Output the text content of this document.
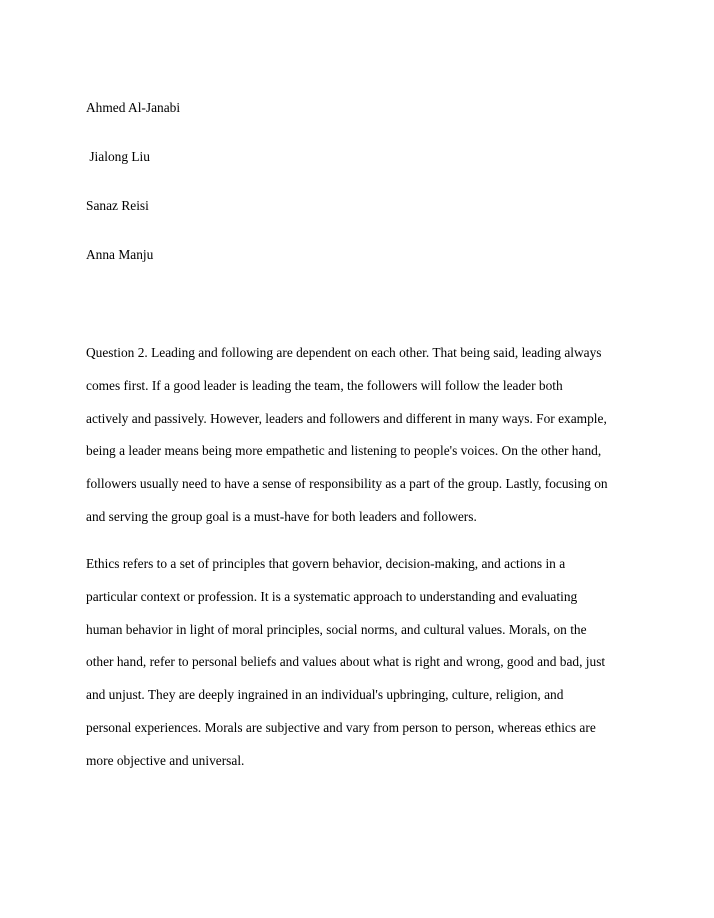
Ahmed Al-Janabi
Jialong Liu
Sanaz Reisi
Anna Manju

Question 2. Leading and following are dependent on each other. That being said, leading always
comes first. If a good leader is leading the team, the followers will follow the leader both
actively and passively. However, leaders and followers and different in many ways. For example,
being a leader means being more empathetic and listening to people's voices. On the other hand,
followers usually need to have a sense of responsibility as a part of the group. Lastly, focusing on
and serving the group goal is a must-have for both leaders and followers.

Ethics refers to a set of principles that govern behavior, decision-making, and actions in a
particular context or profession. It is a systematic approach to understanding and evaluating
human behavior in light of moral principles, social norms, and cultural values. Morals, on the
other hand, refer to personal beliefs and values about what is right and wrong, good and bad, just
and unjust. They are deeply ingrained in an individual's upbringing, culture, religion, and
personal experiences. Morals are subjective and vary from person to person, whereas ethics are
more objective and universal.
